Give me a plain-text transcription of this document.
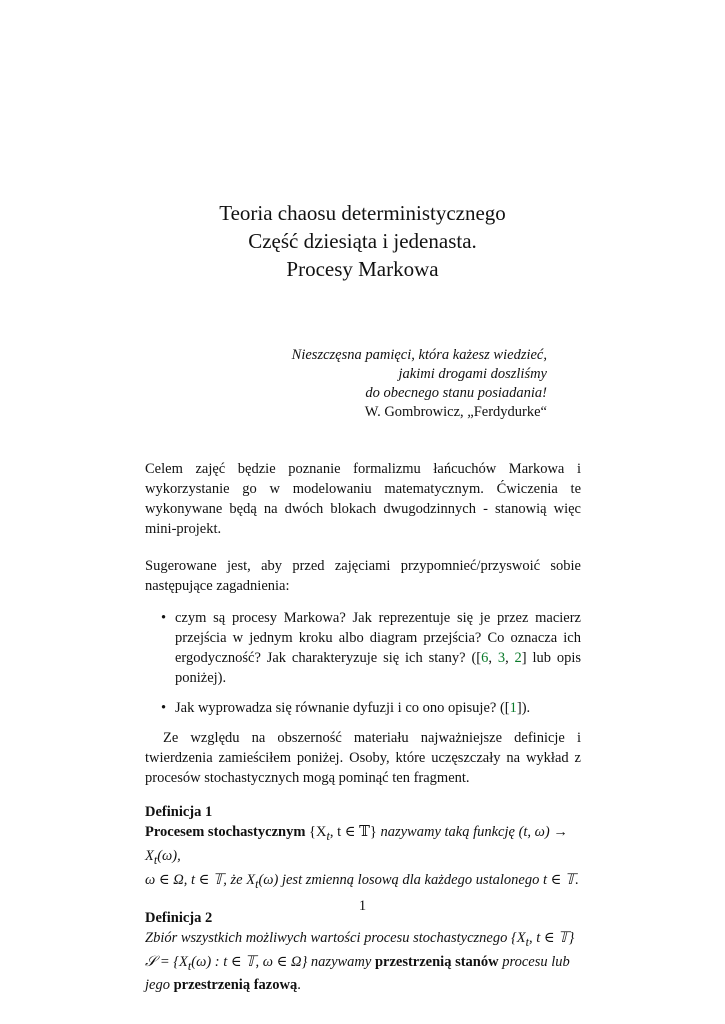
Teoria chaosu deterministycznego
Część dziesiąta i jedenasta.
Procesy Markowa
Nieszczęsna pamięci, która każesz wiedzieć,
jakimi drogami doszliśmy
do obecnego stanu posiadania!
W. Gombrowicz, „Ferdydurke“

Celem zajęć będzie poznanie formalizmu łańcuchów Markowa i wykorzystanie go w modelowaniu matematycznym. Ćwiczenia te wykonywane będą na dwóch blokach dwugodzinnych - stanowią więc mini-projekt.

Sugerowane jest, aby przed zajęciami przypomnieć/przyswoić sobie następujące zagadnienia:

• czym są procesy Markowa? Jak reprezentuje się je przez macierz przejścia w jednym kroku albo diagram przejścia? Co oznacza ich ergodyczność? Jak charakteryzuje się ich stany? ([6, 3, 2] lub opis poniżej).
• Jak wyprowadza się równanie dyfuzji i co ono opisuje? ([1]).

Ze względu na obszerność materiału najważniejsze definicje i twierdzenia zamieściłem poniżej. Osoby, które uczęszczały na wykład z procesów stochastycznych mogą pominąć ten fragment.

Definicja 1
Procesem stochastycznym {$X_t$, t ∈ 𝕋} nazywamy taką funkcję (t, $\omega) \to X_t(\omega)$,
ω ∈ Ω, t ∈ 𝕋, że $X_t(\omega)$ jest zmienną losową dla każdego ustalonego t ∈ 𝕋.
Definicja 2
Zbiór wszystkich możliwych wartości procesu stochastycznego {$X_t$, t ∈ 𝕋}
𝒮 = {$X_t(\omega)$ : t ∈ 𝕋, ω ∈ Ω} nazywamy przestrzenią stanów procesu lub jego przestrzenią fazową.
1
